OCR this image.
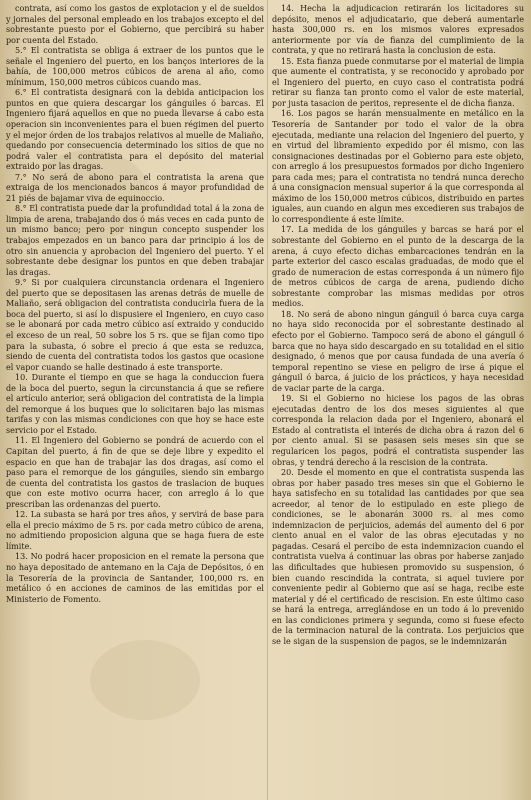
contrata, así como los gastos de explotacion y el de sueldos y jornales del personal empleado en los trabajos excepto el del sobrestante puesto por el Gobierno, que percibirá su haber por cuenta del Estado.

5.° El contratista se obliga á extraer de los puntos que le señale el Ingeniero del puerto, en los banços interiores de la bahía, de 100,000 metros cúbicos de arena al año, como mínimum, 150,000 metros cúbicos cuando mas.

6.° El contratista designará con la debida anticipacion los puntos en que quiera descargar los gánguiles ó barcas. El Ingeniero fijará aquellos en que no pueda llevarse á cabo esta operacion sin inconvenientes para el buen régimen del puerto y el mejor órden de los trabajos relativos al muelle de Maliaño, quedando por consecuencia determinado los sitios de que no podrá valer el contratista para el depósito del material extraido por las dragas.

7.° No será de abono para el contratista la arena que extraiga de los mencionados bancos á mayor profundidad de 21 piés de bajamar viva de equinoccio.

8.° El contratista puede dar la profundidad total á la zona de limpia de arena, trabajando dos ó más veces en cada punto de un mismo banco; pero por ningun concepto suspender los trabajos empezados en un banco para dar principio á los de otro sin anuencia y aprobacion del Ingeniero del puerto. Y el sobrestante debe designar los puntos en que deben trabajar las dragas.

9.° Si por cualquiera circunstancia ordenara el Ingeniero del puerto que se depositasen las arenas detrás de muelle de Maliaño, será obligacion del contratista conducirla fuera de la boca del puerto, si así lo dispusiere el Ingeniero, en cuyo caso se le abonará por cada metro cúbico así extraido y conducido el exceso de un real, 50 sobre los 5 rs. que se fijan como tipo para la subasta, ó sobre el precio á que esta se reduzca, siendo de cuenta del contratista todos los gastos que ocasione el vapor cuando se halle destinado á este transporte.

10. Durante el tiempo en que se haga la conduccion fuera de la boca del puerto, segun la circunstancia á que se refiere el artículo anterior, será obligacion del contratista de la limpia del remorque á los buques que lo solicitaren bajo las mismas tarifas y con las mismas condiciones con que hoy se hace este servicio por el Estado.

11. El Ingeniero del Gobierno se pondrá de acuerdo con el Capitan del puerto, á fin de que se deje libre y expedito el espacio en que han de trabajar las dos dragas, así como el paso para el remorque de los gánguiles, siendo sin embargo de cuenta del contratista los gastos de traslacion de buques que con este motivo ocurra hacer, con arreglo á lo que prescriban las ordenanzas del puerto.

12. La subasta se hará por tres años, y servirá de base para ella el precio máximo de 5 rs. por cada metro cúbico de arena, no admitiendo proposicion alguna que se haga fuera de este límite.

13. No podrá hacer proposicion en el remate la persona que no haya depositado de antemano en la Caja de Depósitos, ó en la Tesorería de la provincia de Santander, 100,000 rs. en metálico ó en acciones de caminos de las emitidas por el Ministerio de Fomento.

14. Hecha la adjudicacion retirarán los licitadores su depósito, menos el adjudicatario, que deberá aumentarle hasta 300,000 rs. en los mismos valores expresados anteriormente por vía de fianza del cumplimiento de la contrata, y que no retirará hasta la conclusion de esta.

15. Esta fianza puede conmutarse por el material de limpia que aumente el contratista, y se reconocido y aprobado por el Ingeniero del puerto, en cuyo caso el contratista podrá retirar su fianza tan pronto como el valor de este material, por justa tasacion de peritos, represente el de dicha fianza.

16. Los pagos se harán mensualmente en metálico en la Tesorería de Santander por todo el valor de la obra ejecutada, mediante una relacion del Ingeniero del puerto, y en virtud del libramiento expedido por él mismo, con las consignaciones destinadas por el Gobierno para este objeto, con arreglo á los presupuestos formados por dicho Ingeniero para cada mes; para el contratista no tendrá nunca derecho á una consignacion mensual superior á la que corresponda al máximo de los 150,000 metros cúbicos, distribuido en partes iguales, aun cuando en algun mes excedieren sus trabajos de lo correspondiente á este límite.

17. La medida de los gánguiles y barcas se hará por el sobrestante del Gobierno en el punto de la descarga de la arena, á cuyo efecto dichas embarcaciones tendrán en la parte exterior del casco escalas graduadas, de modo que el grado de numeracion de estas corresponda á un número fijo de metros cúbicos de carga de arena, pudiendo dicho sobrestante comprobar las mismas medidas por otros medios.

18. No será de abono ningun gánguil ó barca cuya carga no haya sido reconocida por el sobrestante destinado al efecto por el Gobierno. Tampoco será de abono el gánguil ó barca que no haya sido descargado en su totalidad en el sitio designado, ó menos que por causa fundada de una avería ó temporal repentino se viese en peligro de irse á pique el gánguil ó barca, á juicio de los prácticos, y haya necesidad de vaciar parte de la carga.

19. Si el Gobierno no hiciese los pagos de las obras ejecutadas dentro de los dos meses siguientes al que corresponda la relacion dada por el Ingeniero, abonará el Estado al contratista el interés de dicha obra á razon del 6 por ciento anual. Si se pasasen seis meses sin que se regularicen los pagos, podrá el contratista suspender las obras, y tendrá derecho á la rescision de la contrata.

20. Desde el momento en que el contratista suspenda las obras por haber pasado tres meses sin que el Gobierno le haya satisfecho en su totalidad las cantidades por que sea acreedor, al tenor de lo estipulado en este pliego de condiciones, se le abonarán 3000 rs. al mes como indemnizacion de perjuicios, además del aumento del 6 por ciento anual en el valor de las obras ejecutadas y no pagadas. Cesará el percibo de esta indemnizacion cuando el contratista vuelva á continuar las obras por haberse zanjado las dificultades que hubiesen promovido su suspension, ó bien cuando rescindida la contrata, si aquel tuviere por conveniente pedir al Gobierno que así se haga, recibe este material y dé el certificado de rescision. En este último caso se hará la entrega, arreglándose en un todo á lo prevenido en las condiciones primera y segunda, como si fuese efecto de la terminacion natural de la contrata. Los perjuicios que se le sigan de la suspension de pagos, se le indemnizarán
